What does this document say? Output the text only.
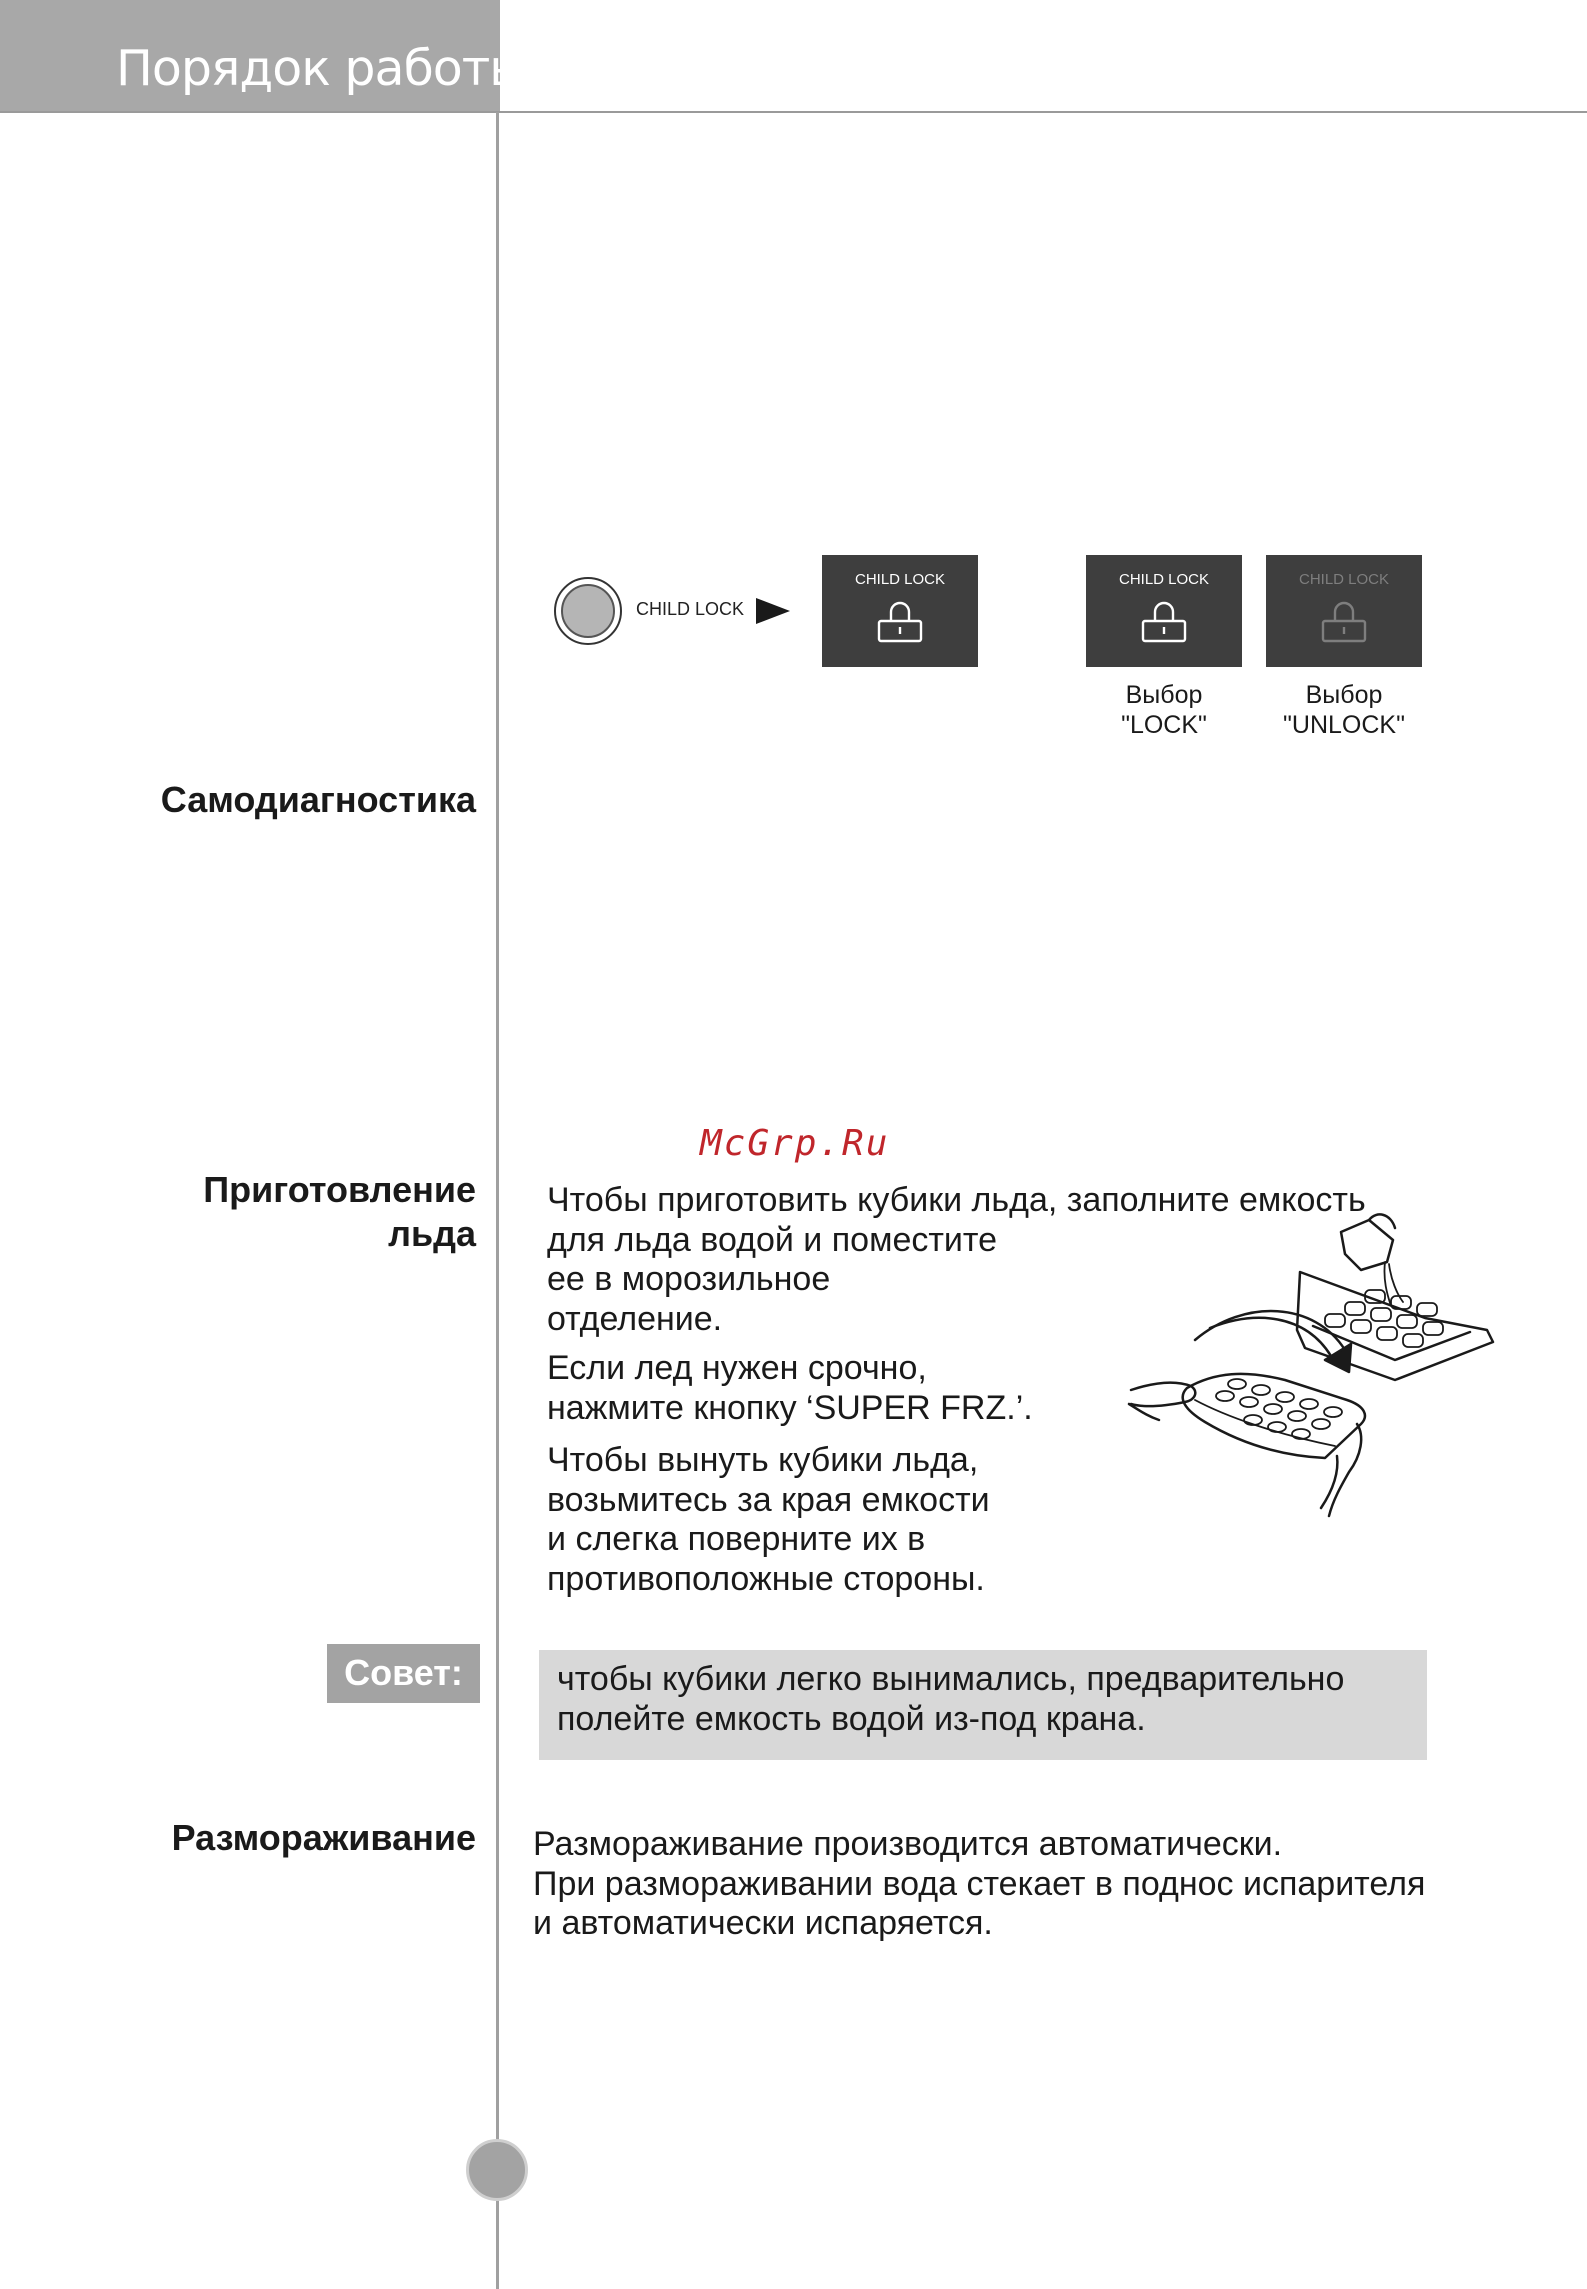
Порядок работы
CHILD LOCK
CHILD LOCK	CHILD LOCK	CHILD LOCK
Выбор
"LOCK"
Выбор
"UNLOCK"
Самодиагностика
McGrp.Ru
Приготовление
льда
Чтобы приготовить кубики льда, заполните емкость
для льда водой и поместите
ее в морозильное
отделение.
Если лед нужен срочно,
нажмите кнопку ‘SUPER FRZ.’.
Чтобы вынуть кубики льда,
возьмитесь за края емкости
и слегка поверните их в
противоположные стороны.
Совет:	чтобы кубики легко вынимались, предварительно
полейте емкость водой из-под крана.
Размораживание Размораживание производится автоматически.
При размораживании вода стекает в поднос испарителя
и автоматически испаряется.
